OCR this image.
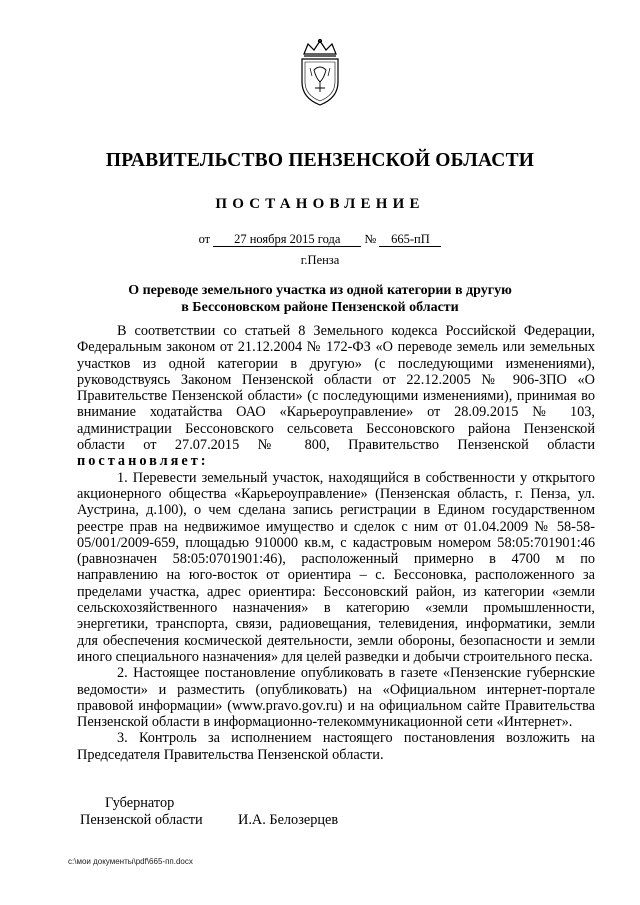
ПРАВИТЕЛЬСТВО ПЕНЗЕНСКОЙ ОБЛАСТИ
ПОСТАНОВЛЕНИЕ
от 27 ноября 2015 года № 665-пП
г.Пенза
О переводе земельного участка из одной категории в другую
в Бессоновском районе Пензенской области

В соответствии со статьей 8 Земельного кодекса Российской Федерации, Федеральным законом от 21.12.2004 № 172-ФЗ «О переводе земель или земельных участков из одной категории в другую» (с последующими изменениями), руководствуясь Законом Пензенской области от 22.12.2005 № 906-ЗПО «О Правительстве Пензенской области» (с последующими изменениями), принимая во внимание ходатайства ОАО «Карьероуправление» от 28.09.2015 № 103, администрации Бессоновского сельсовета Бессоновского района Пензенской области от 27.07.2015 № 800, Правительство Пензенской области постановляет:

1. Перевести земельный участок, находящийся в собственности у открытого акционерного общества «Карьероуправление» (Пензенская область, г. Пенза, ул. Аустрина, д.100), о чем сделана запись регистрации в Едином государственном реестре прав на недвижимое имущество и сделок с ним от 01.04.2009 № 58-58-05/001/2009-659, площадью 910000 кв.м, с кадастровым номером 58:05:701901:46 (равнозначен 58:05:0701901:46), расположенный примерно в 4700 м по направлению на юго-восток от ориентира – с. Бессоновка, расположенного за пределами участка, адрес ориентира: Бессоновский район, из категории «земли сельскохозяйственного назначения» в категорию «земли промышленности, энергетики, транспорта, связи, радиовещания, телевидения, информатики, земли для обеспечения космической деятельности, земли обороны, безопасности и земли иного специального назначения» для целей разведки и добычи строительного песка.

2. Настоящее постановление опубликовать в газете «Пензенские губернские ведомости» и разместить (опубликовать) на «Официальном интернет-портале правовой информации» (www.pravo.gov.ru) и на официальном сайте Правительства Пензенской области в информационно-телекоммуникационной сети «Интернет».

3. Контроль за исполнением настоящего постановления возложить на Председателя Правительства Пензенской области.

Губернатор
Пензенской области И.А. Белозерцев
c:\мои документы\pdf\665-пп.docx
